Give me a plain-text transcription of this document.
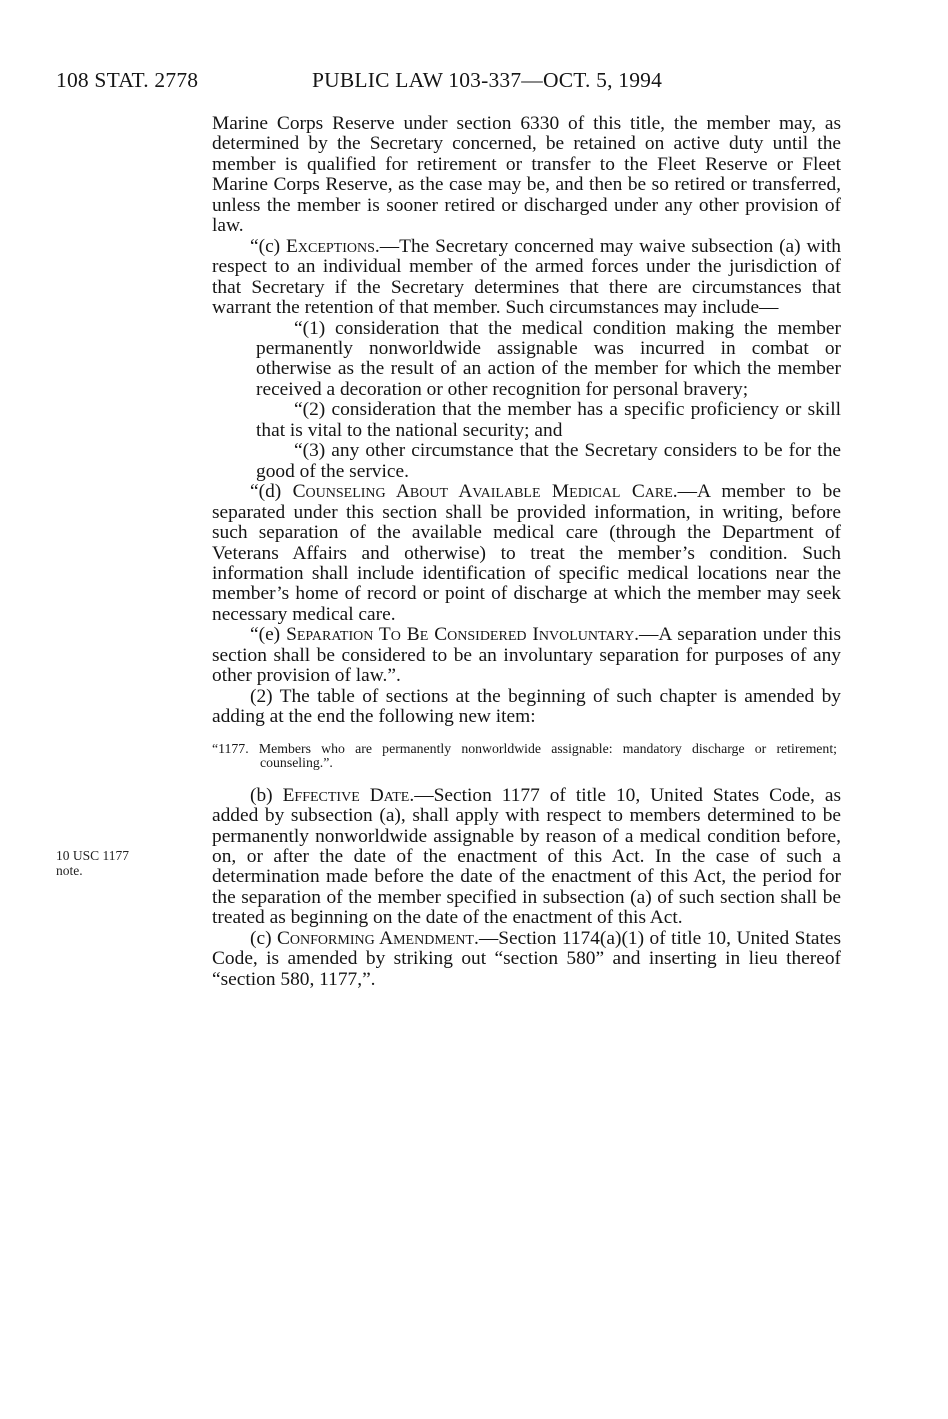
108 STAT. 2778	PUBLIC LAW 103-337—OCT. 5, 1994
10 USC 1177
note.

Marine Corps Reserve under section 6330 of this title, the member may, as determined by the Secretary concerned, be retained on active duty until the member is qualified for retirement or transfer to the Fleet Reserve or Fleet Marine Corps Reserve, as the case may be, and then be so retired or transferred, unless the member is sooner retired or discharged under any other provision of law.

“(c) Exceptions.—The Secretary concerned may waive subsection (a) with respect to an individual member of the armed forces under the jurisdiction of that Secretary if the Secretary determines that there are circumstances that warrant the retention of that member. Such circumstances may include—

“(1) consideration that the medical condition making the member permanently nonworldwide assignable was incurred in combat or otherwise as the result of an action of the member for which the member received a decoration or other recognition for personal bravery;

“(2) consideration that the member has a specific proficiency or skill that is vital to the national security; and

“(3) any other circumstance that the Secretary considers to be for the good of the service.

“(d) Counseling About Available Medical Care.—A member to be separated under this section shall be provided information, in writing, before such separation of the available medical care (through the Department of Veterans Affairs and otherwise) to treat the member’s condition. Such information shall include identification of specific medical locations near the member’s home of record or point of discharge at which the member may seek necessary medical care.

“(e) Separation To Be Considered Involuntary.—A separation under this section shall be considered to be an involuntary separation for purposes of any other provision of law.”.

(2) The table of sections at the beginning of such chapter is amended by adding at the end the following new item:

“1177. Members who are permanently nonworldwide assignable: mandatory discharge or retirement; counseling.”.

(b) Effective Date.—Section 1177 of title 10, United States Code, as added by subsection (a), shall apply with respect to members determined to be permanently nonworldwide assignable by reason of a medical condition before, on, or after the date of the enactment of this Act. In the case of such a determination made before the date of the enactment of this Act, the period for the separation of the member specified in subsection (a) of such section shall be treated as beginning on the date of the enactment of this Act.

(c) Conforming Amendment.—Section 1174(a)(1) of title 10, United States Code, is amended by striking out “section 580” and inserting in lieu thereof “section 580, 1177,”.
